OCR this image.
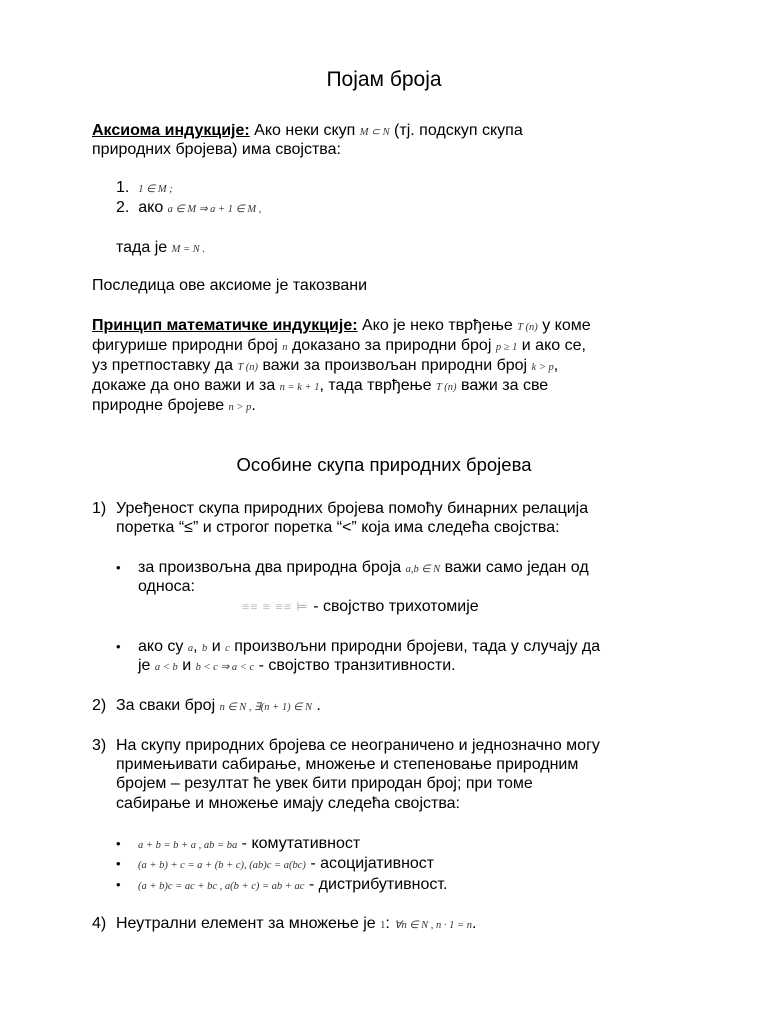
Појам броја
Аксиома индукције: Ако неки скуп M ⊂ N (тј. подскуп скупа
природних бројева) има својства:
1. 1 ∈ M ;
2. ако a ∈ M ⇒ a + 1 ∈ M ,
тада је M = N .
Последица ове аксиоме је такозвани
Принцип математичке индукције: Ако је неко тврђење T (n) у коме
фигурише природни број n доказано за природни број p ≥ 1 и ако се,
уз претпоставку да T (n) важи за произвољан природни број k > p,
докаже да оно важи и за n = k + 1, тада тврђење T (n) важи за све
природне бројеве n > p.
Особине скупа природних бројева
1) Уређеност скупа природних бројева помоћу бинарних релација
поретка “≤” и строгог поретка “<” која има следећа својства:
• за произвољна два природна броја a,b ∈ N важи само један од
односа:
≡≡ ≡ ≡≡ ⊨ - својство трихотомије
• ако су a, b и c произвољни природни бројеви, тада у случају да
је a < b и b < c ⇒ a < c - својство транзитивности.
2) За сваки број n ∈ N , ∃(n + 1) ∈ N .
3) На скупу природних бројева се неограничено и једнозначно могу
примењивати сабирање, множење и степеновање природним
бројем – резултат ће увек бити природан број; при томе
сабирање и множење имају следећа својства:
• a + b = b + a , ab = ba - комутативност
• (a + b) + c = a + (b + c), (ab)c = a(bc) - асоцијативност
• (a + b)c = ac + bc , a(b + c) = ab + ac - дистрибутивност.
4) Неутрални елемент за множење је 1: ∀n ∈ N , n · 1 = n.
